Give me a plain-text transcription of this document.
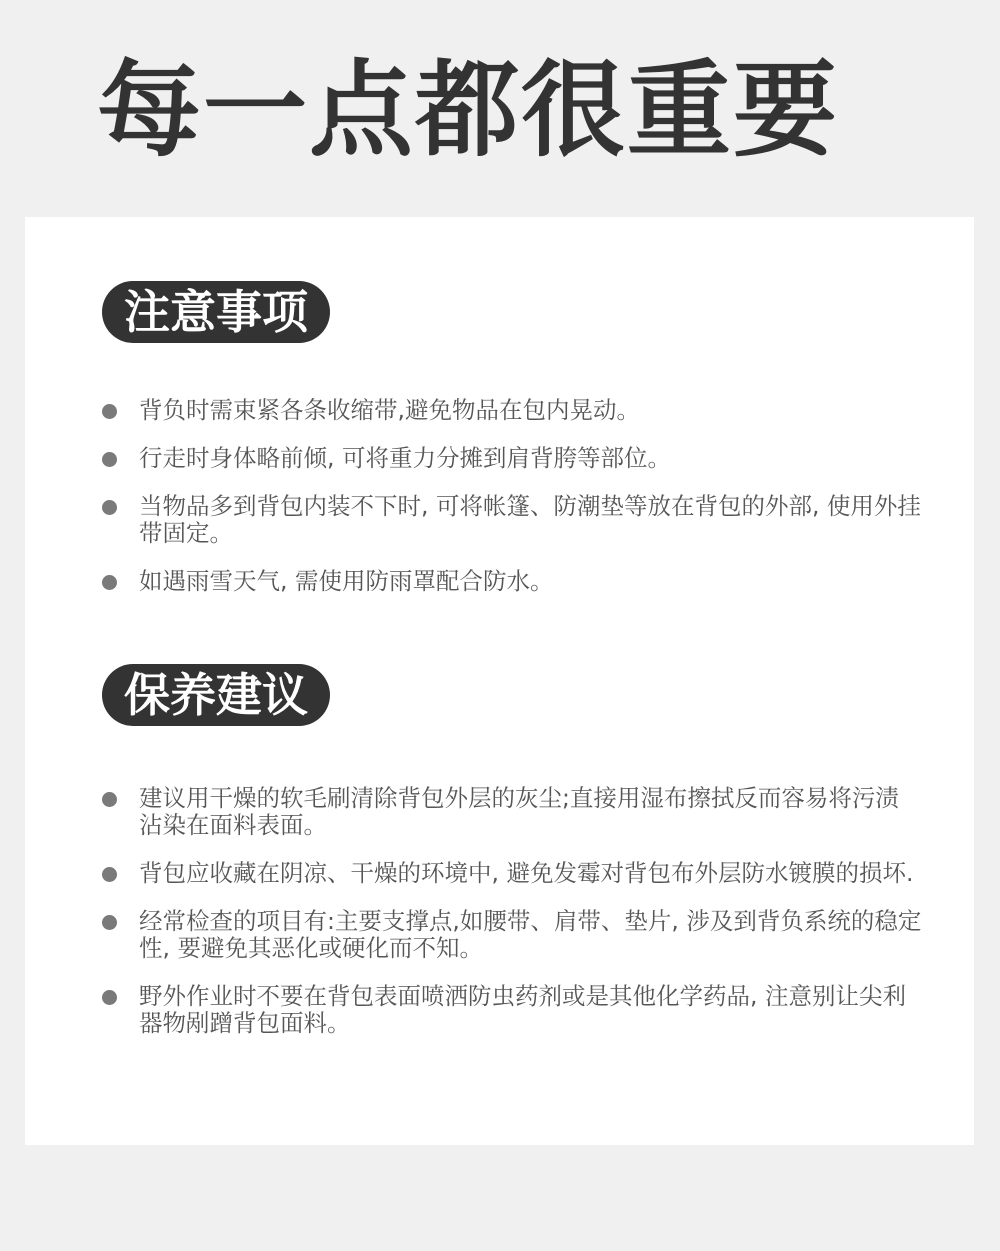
每一点都很重要
注意事项
背负时需束紧各条收缩带,避免物品在包内晃动。
行走时身体略前倾, 可将重力分摊到肩背胯等部位。
当物品多到背包内装不下时, 可将帐篷、防潮垫等放在背包的外部, 使用外挂带固定。
如遇雨雪天气, 需使用防雨罩配合防水。
保养建议
建议用干燥的软毛刷清除背包外层的灰尘;直接用湿布擦拭反而容易将污渍沾染在面料表面。
背包应收藏在阴凉、干燥的环境中, 避免发霉对背包布外层防水镀膜的损坏.
经常检查的项目有:主要支撑点,如腰带、肩带、垫片, 涉及到背负系统的稳定性, 要避免其恶化或硬化而不知。
野外作业时不要在背包表面喷洒防虫药剂或是其他化学药品, 注意别让尖利器物剐蹭背包面料。
